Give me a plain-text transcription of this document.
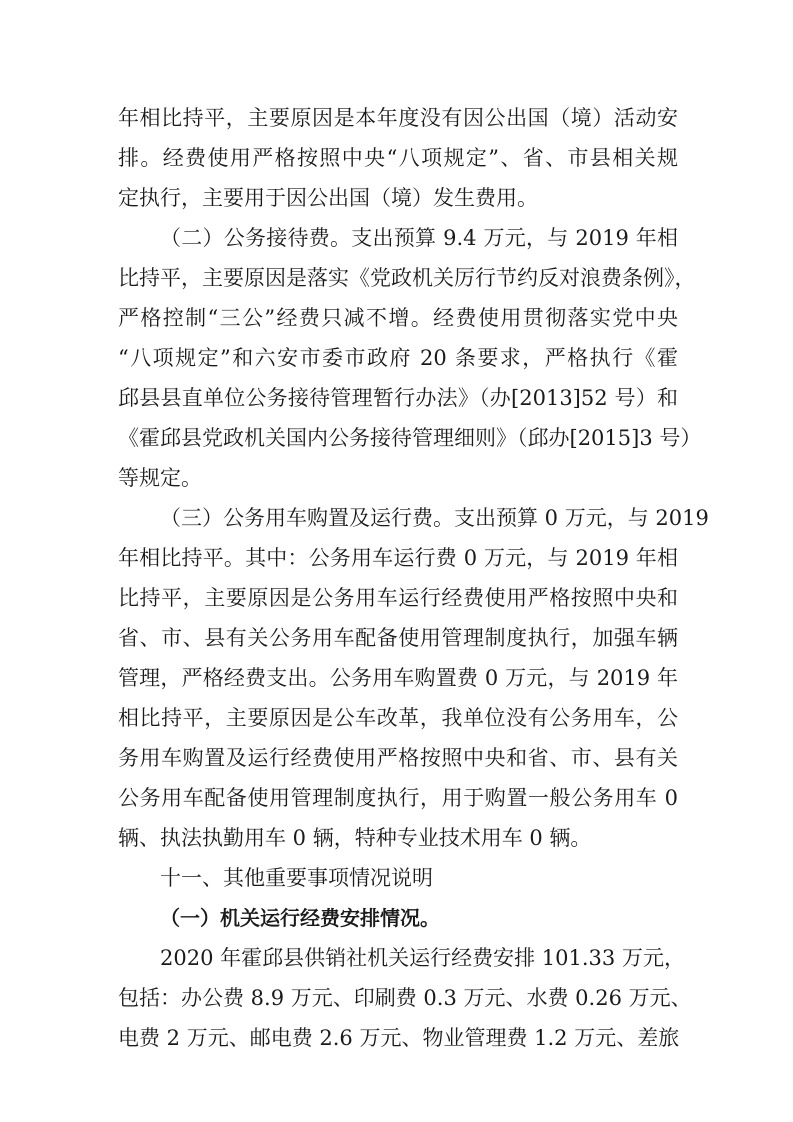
年相比持平，主要原因是本年度没有因公出国（境）活动安
排。经费使用严格按照中央“八项规定”、省、市县相关规
定执行，主要用于因公出国（境）发生费用。
（二）公务接待费。支出预算 9.4 万元，与 2019 年相
比持平，主要原因是落实《党政机关厉行节约反对浪费条例》，
严格控制“三公”经费只减不增。经费使用贯彻落实党中央
“八项规定”和六安市委市政府 20 条要求，严格执行《霍
邱县县直单位公务接待管理暂行办法》（办[2013]52 号）和
《霍邱县党政机关国内公务接待管理细则》（邱办[2015]3 号）
等规定。
（三）公务用车购置及运行费。支出预算 0 万元，与 2019
年相比持平。其中：公务用车运行费 0 万元，与 2019 年相
比持平，主要原因是公务用车运行经费使用严格按照中央和
省、市、县有关公务用车配备使用管理制度执行，加强车辆
管理，严格经费支出。公务用车购置费 0 万元，与 2019 年
相比持平，主要原因是公车改革，我单位没有公务用车，公
务用车购置及运行经费使用严格按照中央和省、市、县有关
公务用车配备使用管理制度执行，用于购置一般公务用车 0
辆、执法执勤用车 0 辆，特种专业技术用车 0 辆。
十一、其他重要事项情况说明
（一）机关运行经费安排情况。
2020 年霍邱县供销社机关运行经费安排 101.33 万元，
包括：办公费 8.9 万元、印刷费 0.3 万元、水费 0.26 万元、
电费 2 万元、邮电费 2.6 万元、物业管理费 1.2 万元、差旅
